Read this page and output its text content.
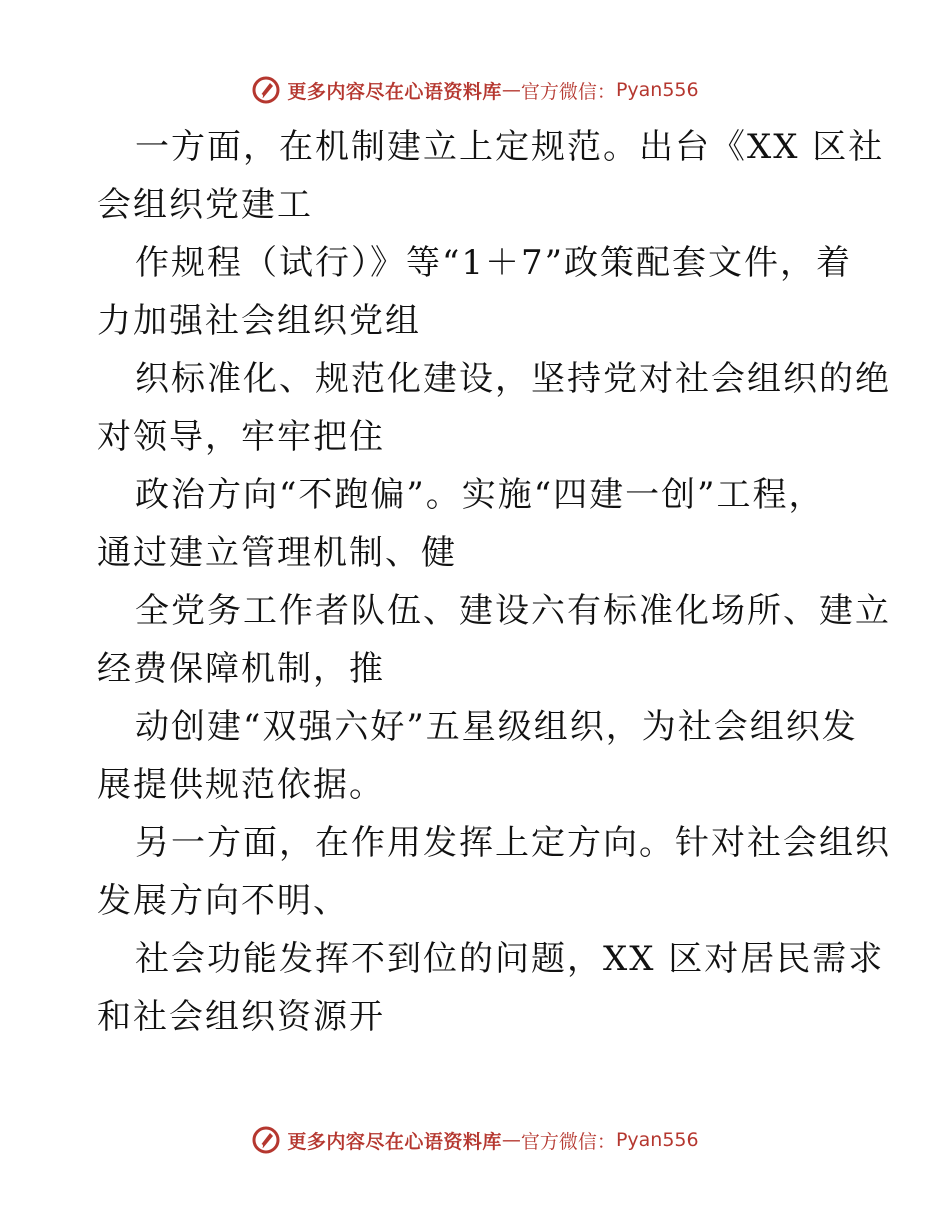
更多内容尽在心语资料库 — 官方微信： Pyan556
一方面，在机制建立上定规范。出台《XX 区社
会组织党建工
作规程（试行）》等“1＋7”政策配套文件，着
力加强社会组织党组
织标准化、规范化建设，坚持党对社会组织的绝
对领导，牢牢把住
政治方向“不跑偏”。实施“四建一创”工程，
通过建立管理机制、健
全党务工作者队伍、建设六有标准化场所、建立
经费保障机制，推
动创建“双强六好”五星级组织，为社会组织发
展提供规范依据。
另一方面，在作用发挥上定方向。针对社会组织
发展方向不明、
社会功能发挥不到位的问题，XX 区对居民需求
和社会组织资源开
更多内容尽在心语资料库 — 官方微信： Pyan556
